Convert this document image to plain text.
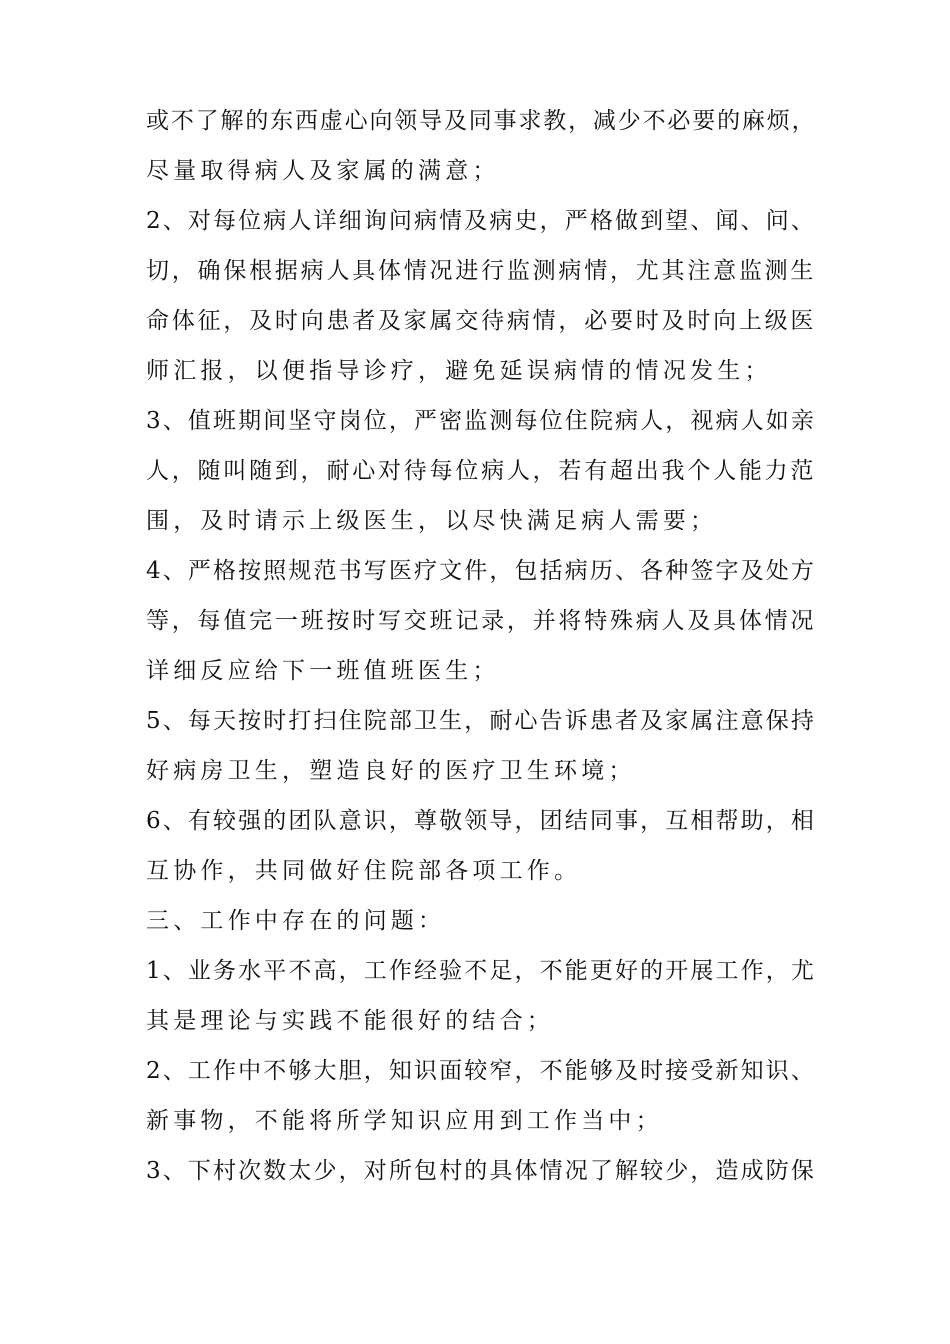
或不了解的东西虚心向领导及同事求教，减少不必要的麻烦，
尽量取得病人及家属的满意；
2、对每位病人详细询问病情及病史，严格做到望、闻、问、
切，确保根据病人具体情况进行监测病情，尤其注意监测生
命体征，及时向患者及家属交待病情，必要时及时向上级医
师汇报，以便指导诊疗，避免延误病情的情况发生；
3、值班期间坚守岗位，严密监测每位住院病人，视病人如亲
人，随叫随到，耐心对待每位病人，若有超出我个人能力范
围，及时请示上级医生，以尽快满足病人需要；
4、严格按照规范书写医疗文件，包括病历、各种签字及处方
等，每值完一班按时写交班记录，并将特殊病人及具体情况
详细反应给下一班值班医生；
5、每天按时打扫住院部卫生，耐心告诉患者及家属注意保持
好病房卫生，塑造良好的医疗卫生环境；
6、有较强的团队意识，尊敬领导，团结同事，互相帮助，相
互协作，共同做好住院部各项工作。
三、工作中存在的问题：
1、业务水平不高，工作经验不足，不能更好的开展工作，尤
其是理论与实践不能很好的结合；
2、工作中不够大胆，知识面较窄，不能够及时接受新知识、
新事物，不能将所学知识应用到工作当中；
3、下村次数太少，对所包村的具体情况了解较少，造成防保
